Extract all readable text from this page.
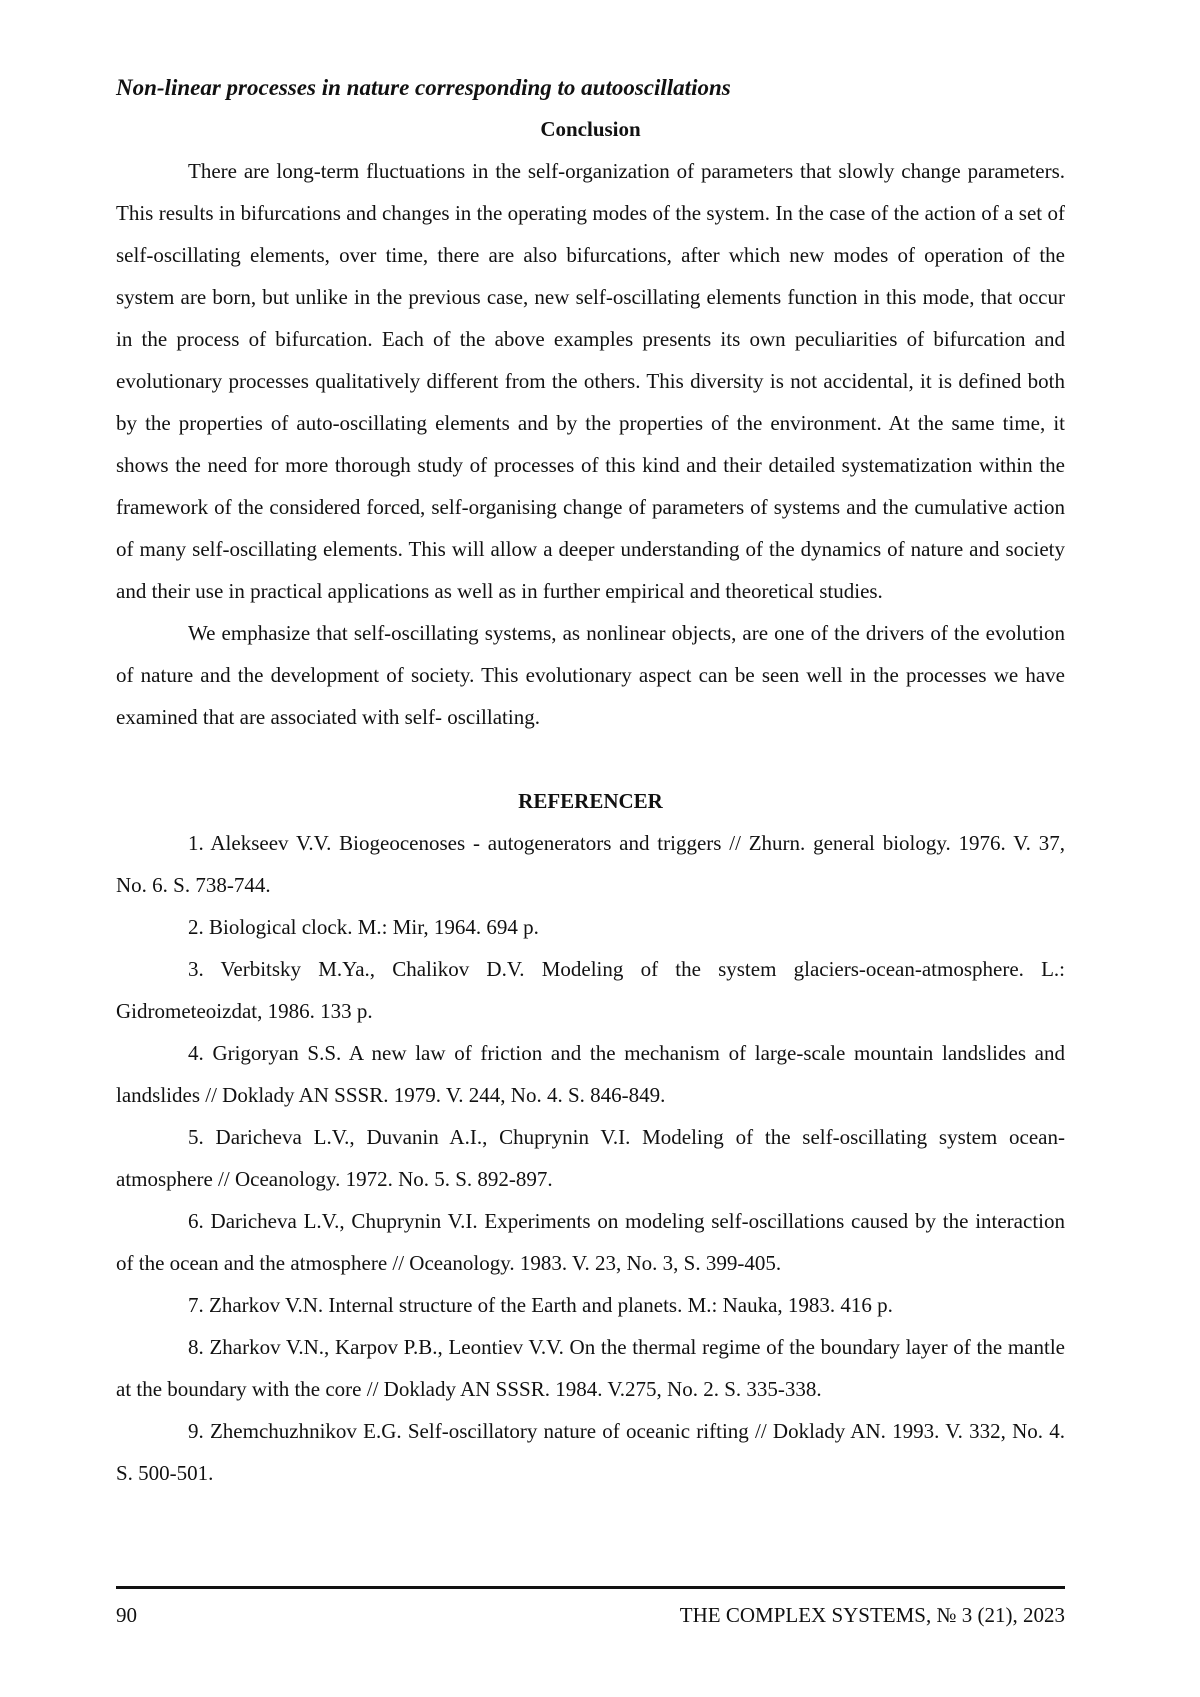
Non-linear processes in nature corresponding to autooscillations
Conclusion

There are long-term fluctuations in the self-organization of parameters that slowly change parameters. This results in bifurcations and changes in the operating modes of the system. In the case of the action of a set of self-oscillating elements, over time, there are also bifurcations, after which new modes of operation of the system are born, but unlike in the previous case, new self-oscillating elements function in this mode, that occur in the process of bifurcation. Each of the above examples presents its own peculiarities of bifurcation and evolutionary processes qualitatively different from the others. This diversity is not accidental, it is defined both by the properties of auto-oscillating elements and by the properties of the environment. At the same time, it shows the need for more thorough study of processes of this kind and their detailed systematization within the framework of the considered forced, self-organising change of parameters of systems and the cumulative action of many self-oscillating elements. This will allow a deeper understanding of the dynamics of nature and society and their use in practical applications as well as in further empirical and theoretical studies.

We emphasize that self-oscillating systems, as nonlinear objects, are one of the drivers of the evolution of nature and the development of society. This evolutionary aspect can be seen well in the processes we have examined that are associated with self- oscillating.

REFERENCER

1. Alekseev V.V. Biogeocenoses - autogenerators and triggers // Zhurn. general biology. 1976. V. 37, No. 6. S. 738-744.

2. Biological clock. M.: Mir, 1964. 694 p.

3. Verbitsky M.Ya., Chalikov D.V. Modeling of the system glaciers-ocean-atmosphere. L.: Gidrometeoizdat, 1986. 133 p.

4. Grigoryan S.S. A new law of friction and the mechanism of large-scale mountain landslides and landslides // Doklady AN SSSR. 1979. V. 244, No. 4. S. 846-849.

5. Daricheva L.V., Duvanin A.I., Chuprynin V.I. Modeling of the self-oscillating system ocean-atmosphere // Oceanology. 1972. No. 5. S. 892-897.

6. Daricheva L.V., Chuprynin V.I. Experiments on modeling self-oscillations caused by the interaction of the ocean and the atmosphere // Oceanology. 1983. V. 23, No. 3, S. 399-405.

7. Zharkov V.N. Internal structure of the Earth and planets. M.: Nauka, 1983. 416 p.

8. Zharkov V.N., Karpov P.B., Leontiev V.V. On the thermal regime of the boundary layer of the mantle at the boundary with the core // Doklady AN SSSR. 1984. V.275, No. 2. S. 335-338.

9. Zhemchuzhnikov E.G. Self-oscillatory nature of oceanic rifting // Doklady AN. 1993. V. 332, No. 4. S. 500-501.

90	THE COMPLEX SYSTEMS, № 3 (21), 2023
